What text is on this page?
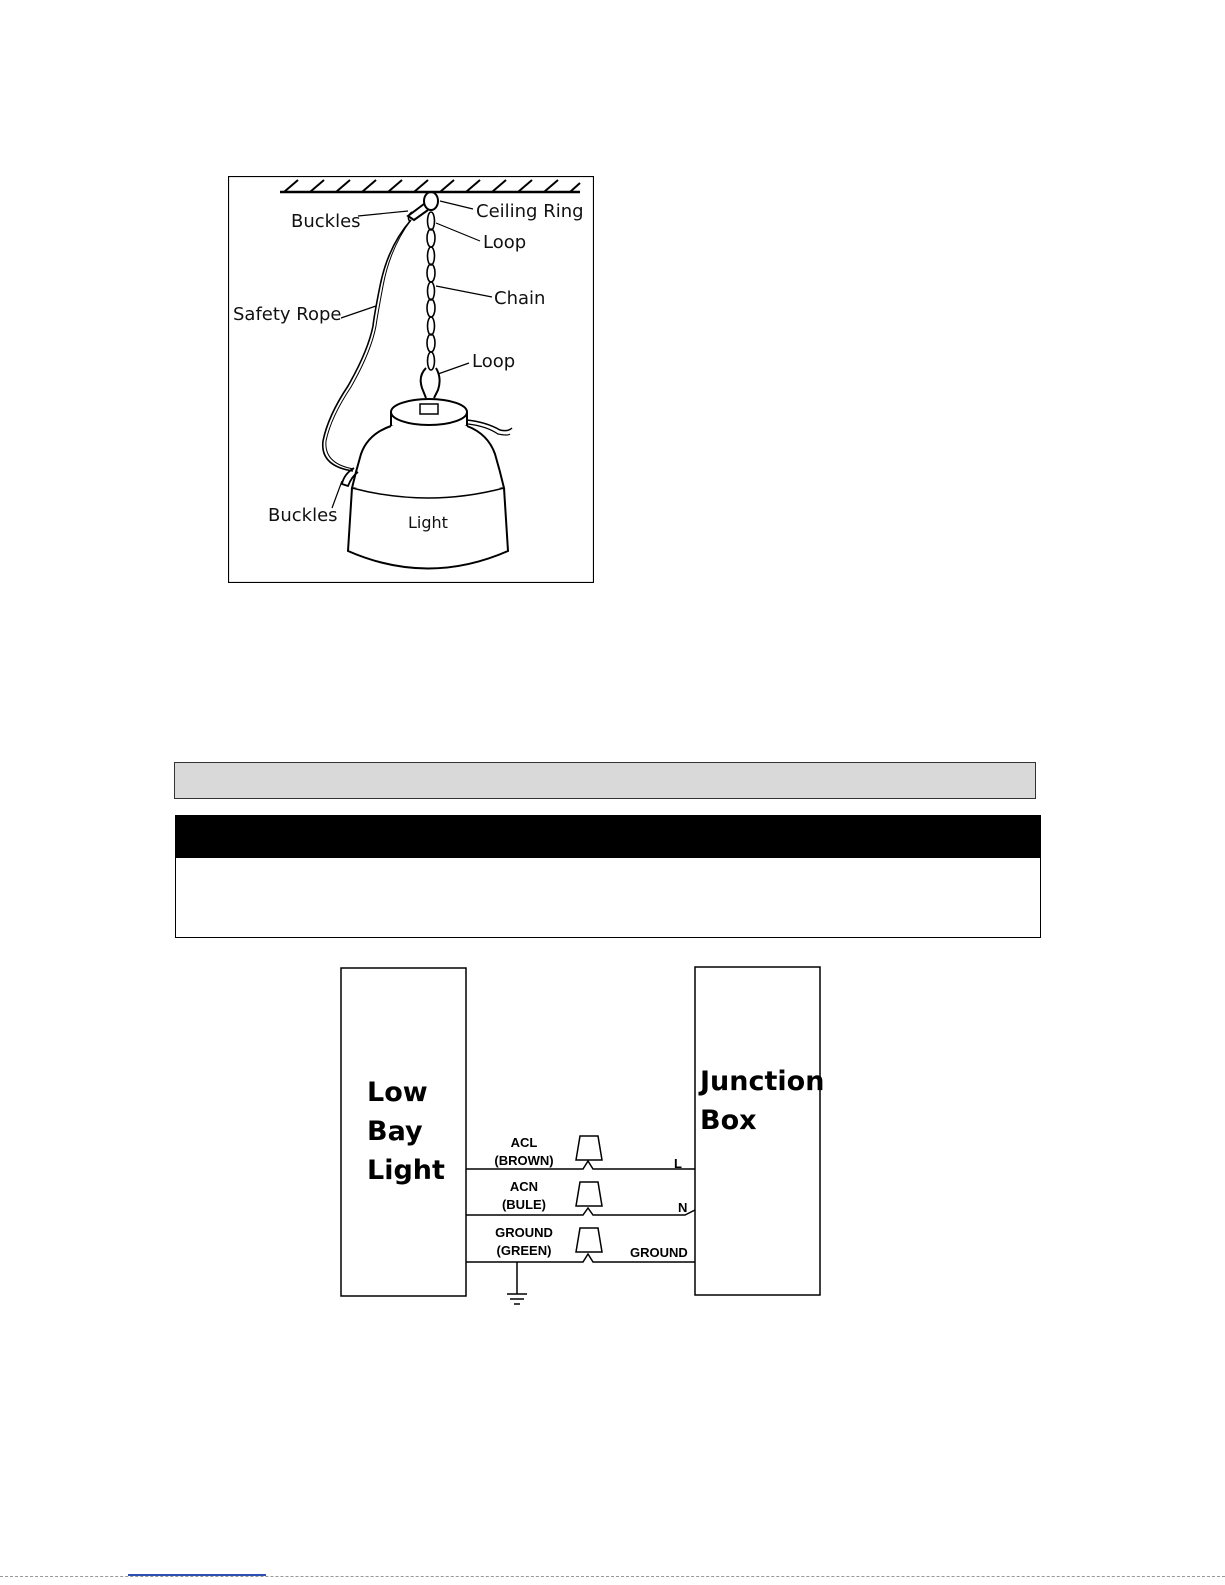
Buckles	Ceiling Ring
Loop
Chain
Safety Rope
Loop
Buckles	Light
Low
Bay
Light
Junction
Box
ACL
(BROWN)
ACN
(BULE)
GROUND
(GREEN)
L
N
GROUND
